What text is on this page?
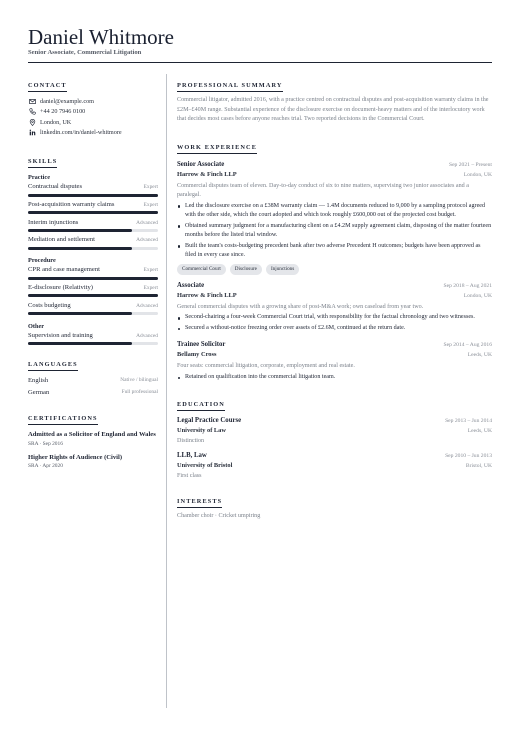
Daniel Whitmore
Senior Associate, Commercial Litigation
CONTACT
daniel@example.com
+44 20 7946 0100
London, UK
linkedin.com/in/daniel-whitmore
SKILLS
Practice
Contractual disputes	Expert
Post-acquisition warranty claims	Expert
Interim injunctions	Advanced
Mediation and settlement	Advanced
Procedure
CPR and case management	Expert
E-disclosure (Relativity)	Expert
Costs budgeting	Advanced
Other
Supervision and training	Advanced
LANGUAGES
English	Native / bilingual
German	Full professional
CERTIFICATIONS
Admitted as a Solicitor of England and Wales
SRA · Sep 2016
Higher Rights of Audience (Civil)
SRA · Apr 2020
PROFESSIONAL SUMMARY

Commercial litigator, admitted 2016, with a practice centred on contractual disputes and post-acquisition warranty claims in the £2M–£40M range. Substantial experience of the disclosure exercise on document-heavy matters and of the interlocutory work that decides most cases before anyone reaches trial. Two reported decisions in the Commercial Court.

WORK EXPERIENCE
Senior Associate	Sep 2021 – Present
Harrow & Finch LLP	London, UK
Commercial disputes team of eleven. Day-to-day conduct of six to nine matters, supervising two junior associates and a paralegal.
Led the disclosure exercise on a £38M warranty claim — 1.4M documents reduced to 9,000 by a sampling protocol agreed with the other side, which the court adopted and which took roughly £600,000 out of the projected cost budget.
Obtained summary judgment for a manufacturing client on a £4.2M supply agreement claim, disposing of the matter fourteen months before the listed trial window.
Built the team's costs-budgeting precedent bank after two adverse Precedent H outcomes; budgets have been approved as filed in every case since.
Commercial Court	Disclosure	Injunctions
Associate	Sep 2018 – Aug 2021
Harrow & Finch LLP	London, UK
General commercial disputes with a growing share of post-M&A work; own caseload from year two.
Second-chairing a four-week Commercial Court trial, with responsibility for the factual chronology and two witnesses.
Secured a without-notice freezing order over assets of £2.6M, continued at the return date.
Trainee Solicitor	Sep 2014 – Aug 2016
Bellamy Cross	Leeds, UK
Four seats: commercial litigation, corporate, employment and real estate.
Retained on qualification into the commercial litigation team.
EDUCATION
Legal Practice Course	Sep 2013 – Jun 2014
University of Law	Leeds, UK
Distinction
LLB, Law	Sep 2010 – Jun 2013
University of Bristol	Bristol, UK
First class
INTERESTS
Chamber choir · Cricket umpiring
